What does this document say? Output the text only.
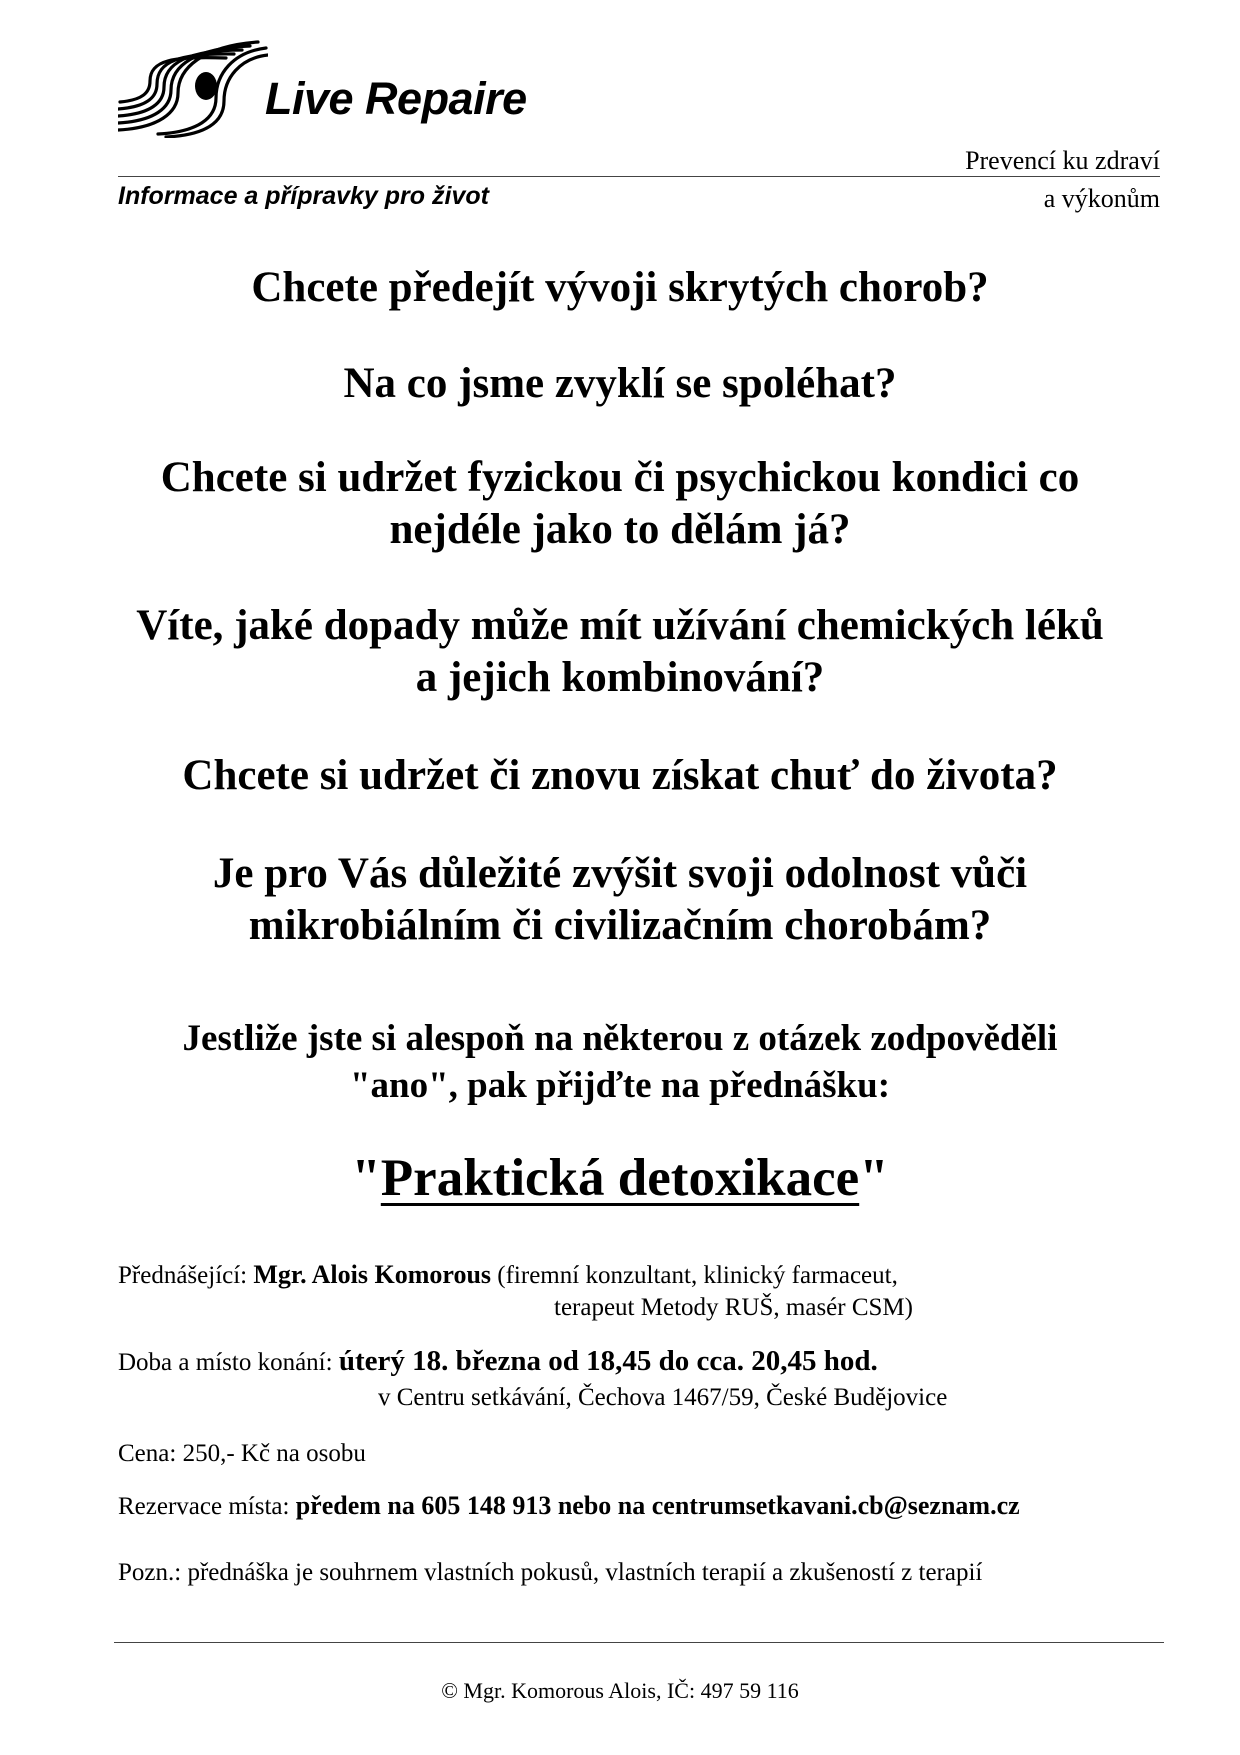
Live Repaire
Prevencí ku zdraví
Informace a přípravky pro život	a výkonům
Chcete předejít vývoji skrytých chorob?
Na co jsme zvyklí se spoléhat?
Chcete si udržet fyzickou či psychickou kondici co
nejdéle jako to dělám já?
Víte, jaké dopady může mít užívání chemických léků
a jejich kombinování?
Chcete si udržet či znovu získat chuť do života?
Je pro Vás důležité zvýšit svoji odolnost vůči
mikrobiálním či civilizačním chorobám?
Jestliže jste si alespoň na některou z otázek zodpověděli
"ano", pak přijďte na přednášku:
"Praktická detoxikace"
Přednášející: Mgr. Alois Komorous (firemní konzultant, klinický farmaceut,
terapeut Metody RUŠ, masér CSM)
Doba a místo konání: úterý 18. března od 18,45 do cca. 20,45 hod.
v Centru setkávání, Čechova 1467/59, České Budějovice
Cena: 250,- Kč na osobu
Rezervace místa: předem na 605 148 913 nebo na centrumsetkavani.cb@seznam.cz
Pozn.: přednáška je souhrnem vlastních pokusů, vlastních terapií a zkušeností z terapií
© Mgr. Komorous Alois, IČ: 497 59 116
